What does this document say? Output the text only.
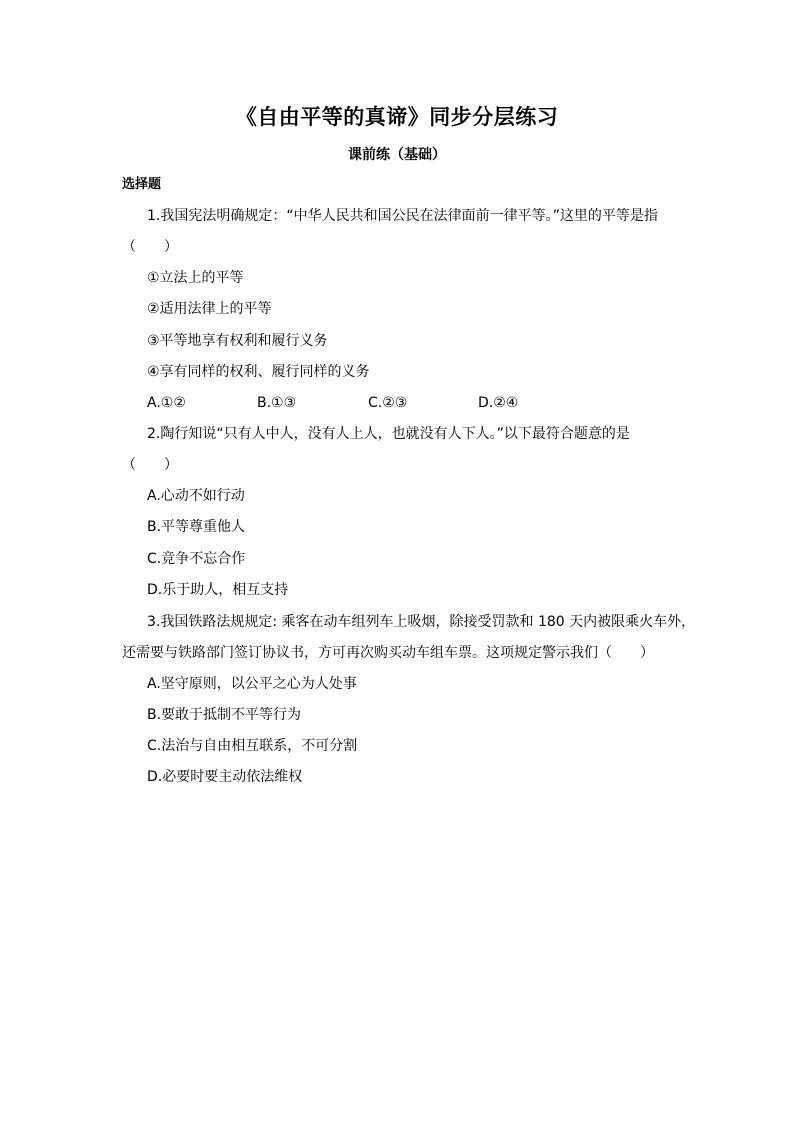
《自由平等的真谛》同步分层练习
课前练（基础）
选择题
1.我国宪法明确规定：“中华人民共和国公民在法律面前一律平等。”这里的平等是指
（　　）
①立法上的平等
②适用法律上的平等
③平等地享有权利和履行义务
④享有同样的权利、履行同样的义务
A.①②	B.①③	C.②③	D.②④
2.陶行知说“只有人中人，没有人上人，也就没有人下人。”以下最符合题意的是
（　　）
A.心动不如行动
B.平等尊重他人
C.竞争不忘合作
D.乐于助人，相互支持
3.我国铁路法规规定: 乘客在动车组列车上吸烟，除接受罚款和 180 天内被限乘火车外，
还需要与铁路部门签订协议书，方可再次购买动车组车票。这项规定警示我们（　　）
A.坚守原则，以公平之心为人处事
B.要敢于抵制不平等行为
C.法治与自由相互联系，不可分割
D.必要时要主动依法维权
